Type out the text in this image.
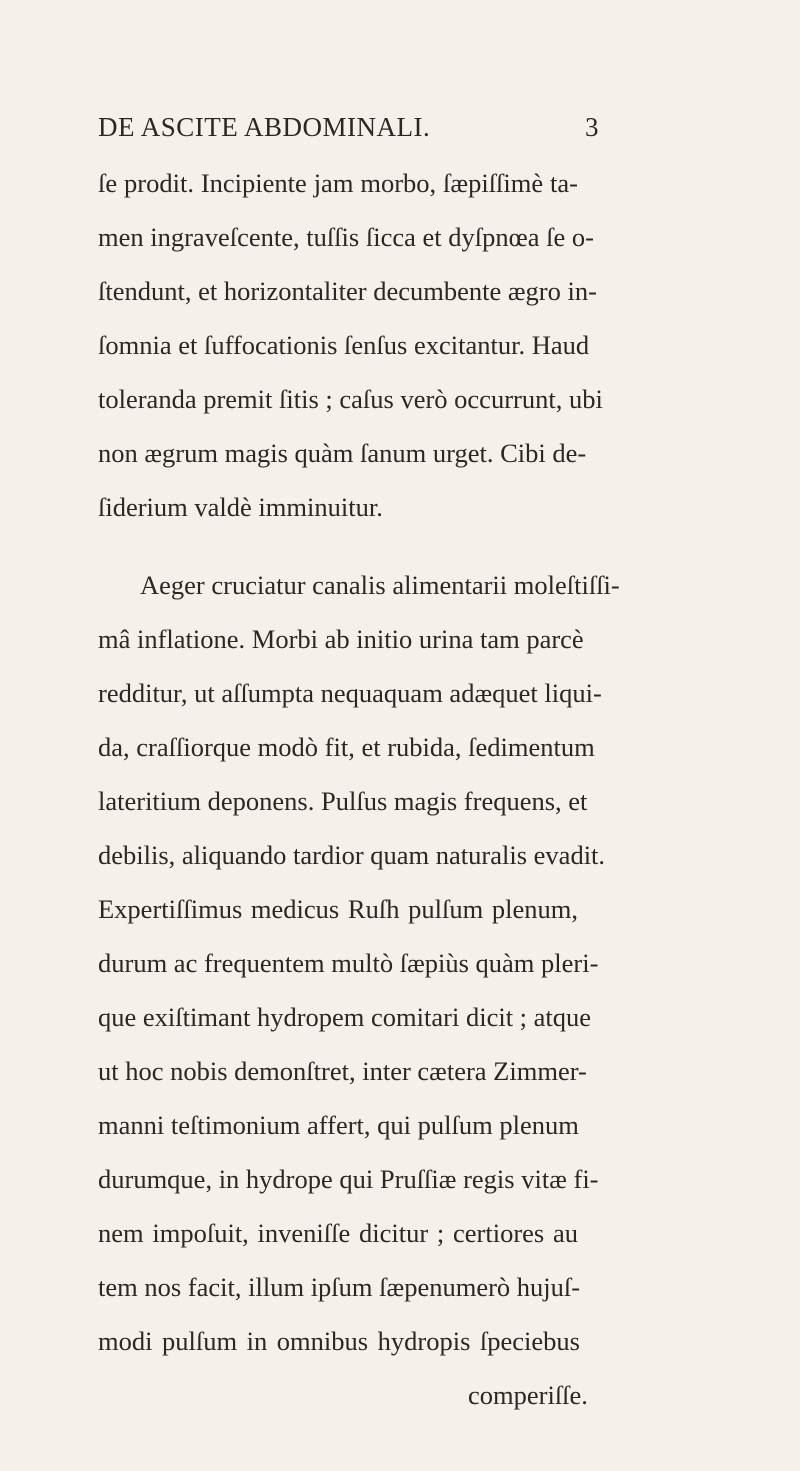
DE ASCITE ABDOMINALI.	3
ſe prodit. Incipiente jam morbo, ſæpiſſimè ta-
men ingraveſcente, tuſſis ſicca et dyſpnœa ſe o-
ſtendunt, et horizontaliter decumbente ægro in-
ſomnia et ſuffocationis ſenſus excitantur. Haud
toleranda premit ſitis ; caſus verò occurrunt, ubi
non ægrum magis quàm ſanum urget. Cibi de-
ſiderium valdè imminuitur.
Aeger cruciatur canalis alimentarii moleſtiſſi-
mâ inflatione. Morbi ab initio urina tam parcè
redditur, ut aſſumpta nequaquam adæquet liqui-
da, craſſiorque modò fit, et rubida, ſedimentum
lateritium deponens. Pulſus magis frequens, et
debilis, aliquando tardior quam naturalis evadit.
Expertiſſimus medicus Ruſh pulſum plenum,
durum ac frequentem multò ſæpiùs quàm pleri-
que exiſtimant hydropem comitari dicit ; atque
ut hoc nobis demonſtret, inter cætera Zimmer-
manni teſtimonium affert, qui pulſum plenum
durumque, in hydrope qui Pruſſiæ regis vitæ fi-
nem impoſuit, inveniſſe dicitur ; certiores au
tem nos facit, illum ipſum ſæpenumerò hujuſ-
modi pulſum in omnibus hydropis ſpeciebus
comperiſſe.
